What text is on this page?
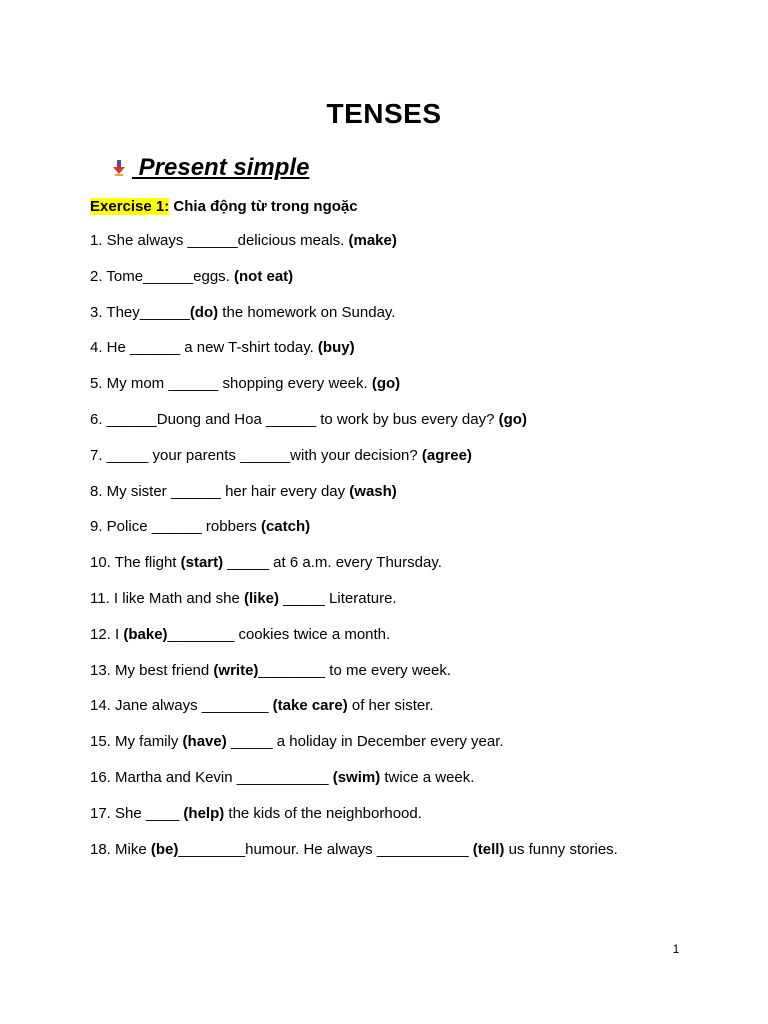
TENSES
Present simple
Exercise 1: Chia động từ trong ngoặc
1. She always ______delicious meals. (make)
2. Tome______eggs. (not eat)
3. They______(do) the homework on Sunday.
4. He ______ a new T-shirt today. (buy)
5. My mom ______ shopping every week. (go)
6. ______Duong and Hoa ______ to work by bus every day? (go)
7. _____ your parents ______with your decision? (agree)
8. My sister ______ her hair every day (wash)
9. Police ______ robbers (catch)
10. The flight (start) _____ at 6 a.m. every Thursday.
11. I like Math and she (like) _____ Literature.
12. I (bake)________ cookies twice a month.
13. My best friend (write)________ to me every week.
14. Jane always ________ (take care) of her sister.
15. My family (have) _____ a holiday in December every year.
16. Martha and Kevin ___________ (swim) twice a week.
17. She ____ (help) the kids of the neighborhood.
18. Mike (be)________humour. He always ___________ (tell) us funny stories.
1
